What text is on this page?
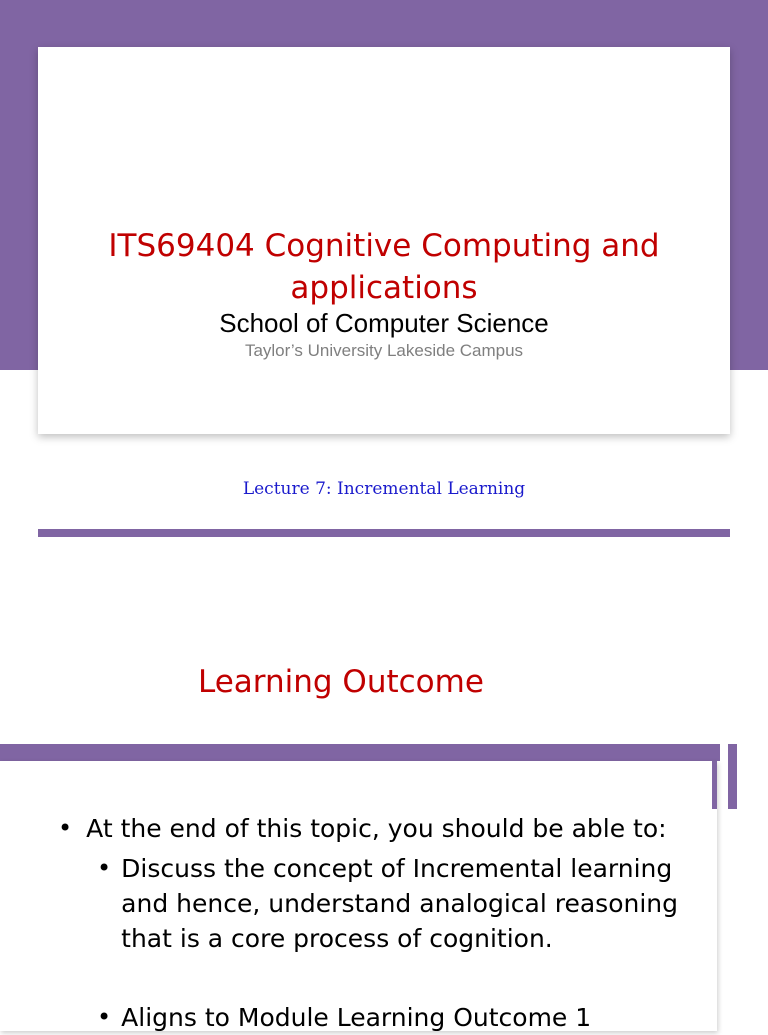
ITS69404 Cognitive Computing and applications
School of Computer Science
Taylor’s University Lakeside Campus
Lecture 7: Incremental Learning
Learning Outcome
• At the end of this topic, you should be able to:
• Discuss the concept of Incremental learning and hence, understand analogical reasoning that is a core process of cognition.
• Aligns to Module Learning Outcome 1
